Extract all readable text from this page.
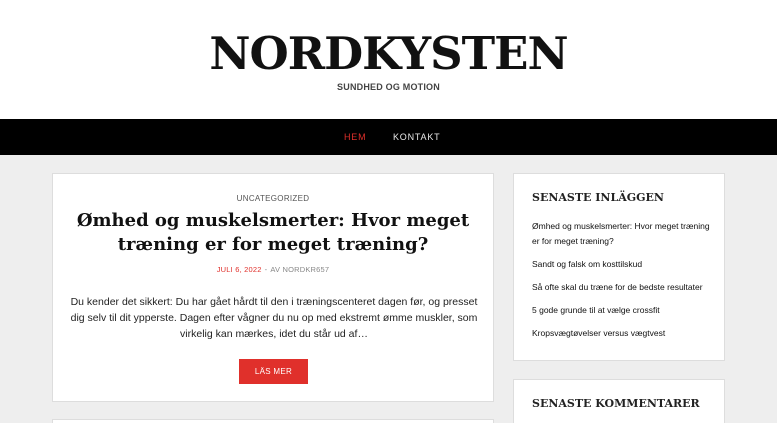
NORDKYSTEN
SUNDHED OG MOTION
HEM	KONTAKT
UNCATEGORIZED
Ømhed og muskelsmerter: Hvor meget træning er for meget træning?
JULI 6, 2022 - AV NORDKR657

Du kender det sikkert: Du har gået hårdt til den i træningscenteret dagen før, og presset dig selv til dit ypperste. Dagen efter vågner du nu op med ekstremt ømme muskler, som virkelig kan mærkes, idet du står ud af…

LÄS MER
SENASTE INLÄGGEN
Ømhed og muskelsmerter: Hvor meget træning er for meget træning?
Sandt og falsk om kosttilskud
Så ofte skal du træne for de bedste resultater
5 gode grunde til at vælge crossfit
Kropsvægtøvelser versus vægtvest
SENASTE KOMMENTARER
